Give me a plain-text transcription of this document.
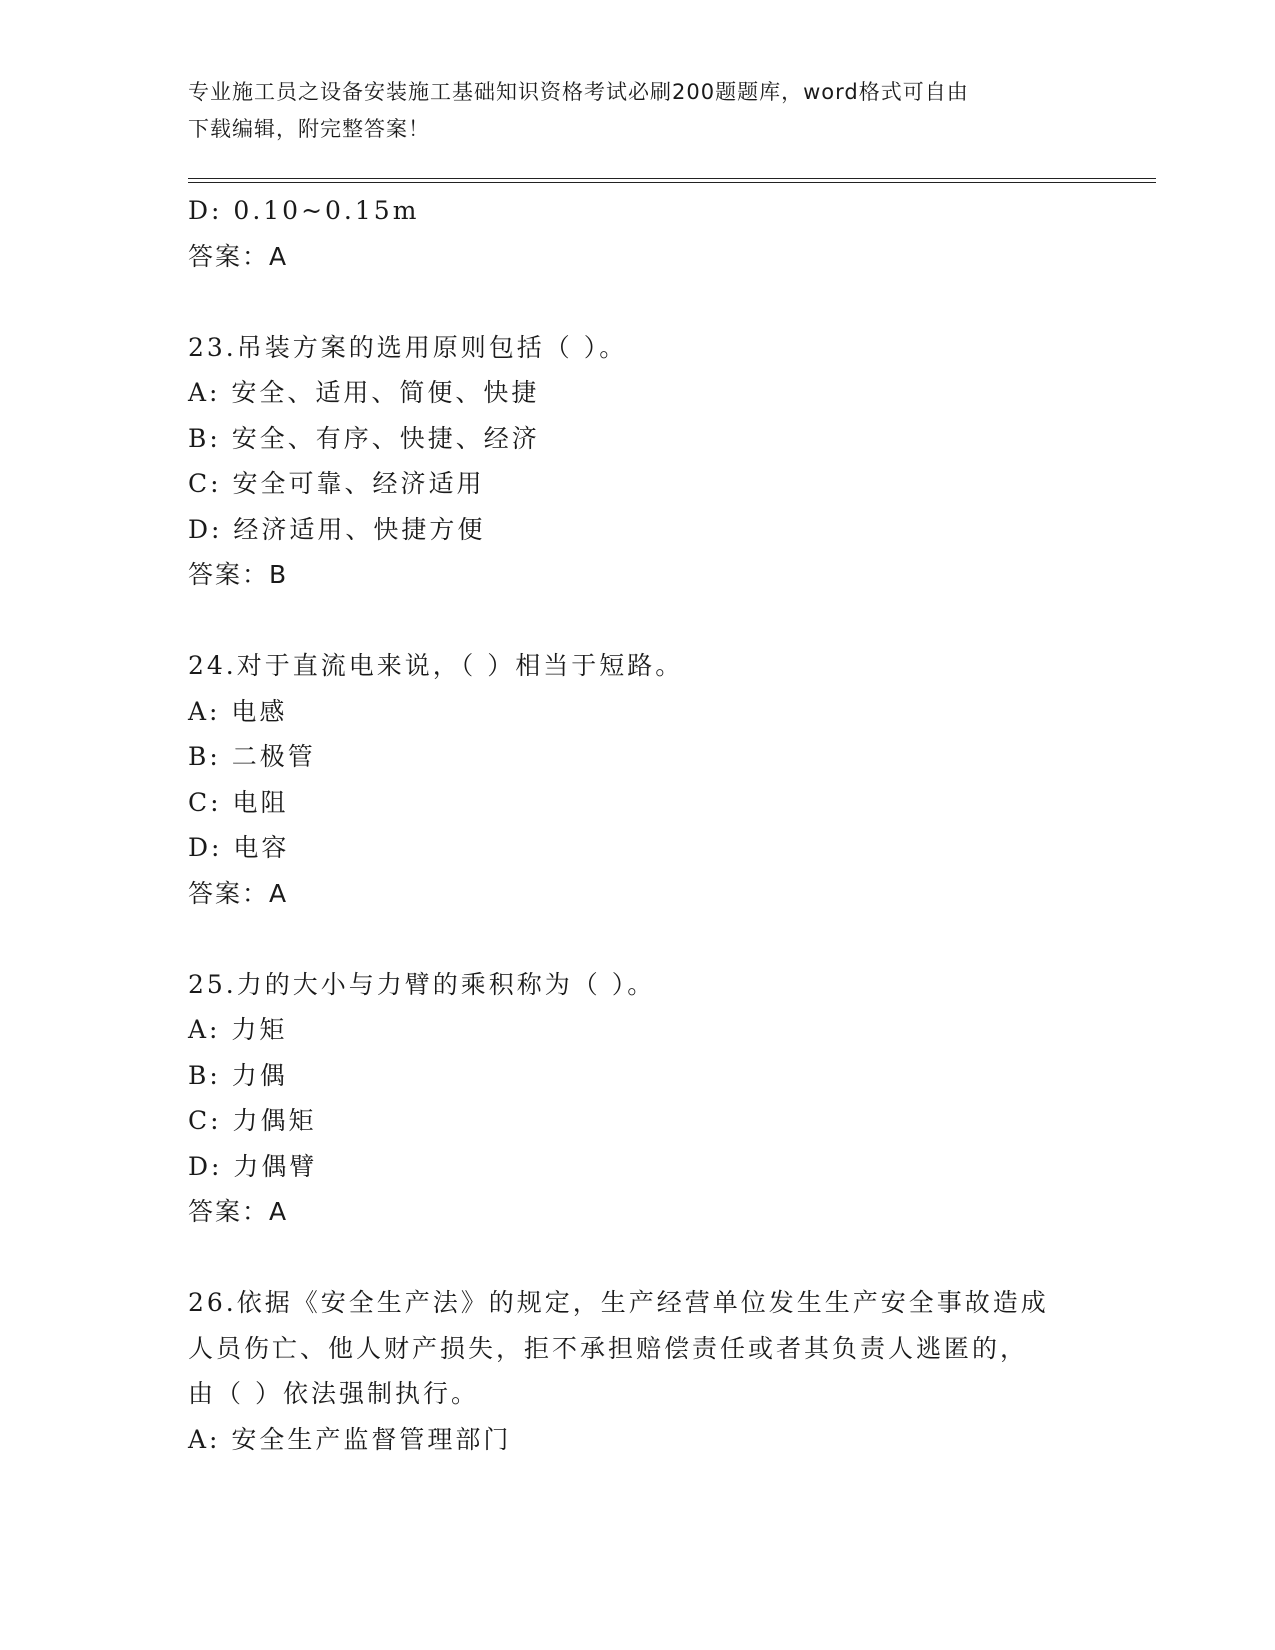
专业施工员之设备安装施工基础知识资格考试必刷200题题库，word格式可自由
下载编辑，附完整答案！
D: 0.10~0.15m
答案：A
23.吊装方案的选用原则包括（ ）。
A: 安全、适用、简便、快捷
B: 安全、有序、快捷、经济
C: 安全可靠、经济适用
D: 经济适用、快捷方便
答案：B
24.对于直流电来说，（ ）相当于短路。
A: 电感
B: 二极管
C: 电阻
D: 电容
答案：A
25.力的大小与力臂的乘积称为（ ）。
A: 力矩
B: 力偶
C: 力偶矩
D: 力偶臂
答案：A
26.依据《安全生产法》的规定，生产经营单位发生生产安全事故造成
人员伤亡、他人财产损失，拒不承担赔偿责任或者其负责人逃匿的，
由（ ）依法强制执行。
A: 安全生产监督管理部门
